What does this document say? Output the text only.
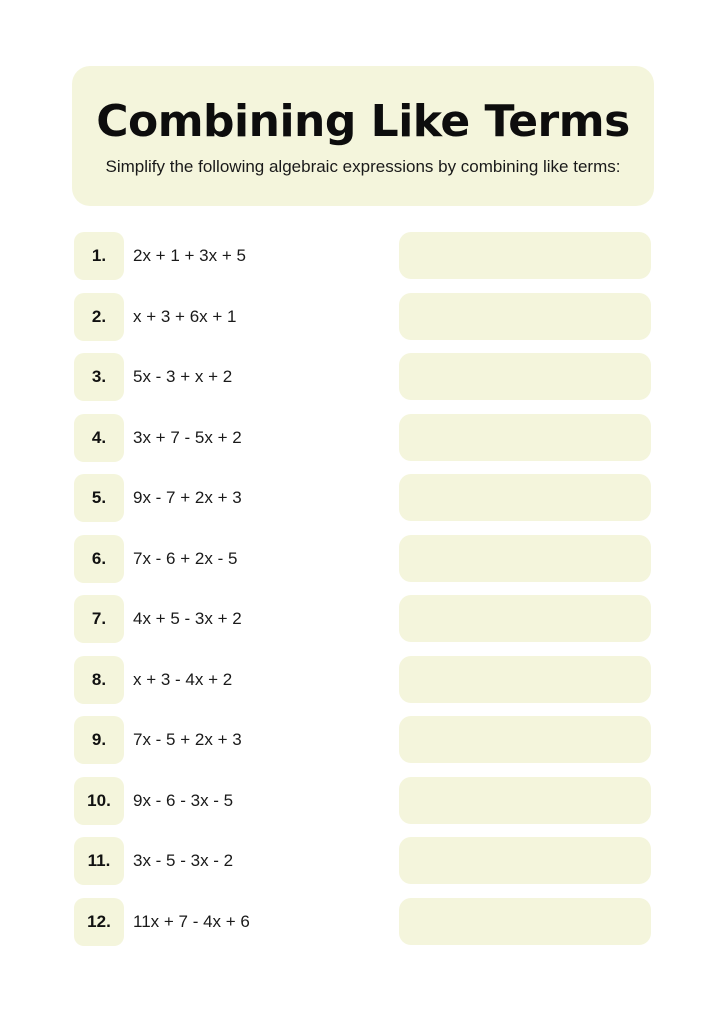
Combining Like Terms

Simplify the following algebraic expressions by combining like terms:

1.	2x + 1 + 3x + 5
2.	x + 3 + 6x + 1
3.	5x - 3 + x + 2
4.	3x + 7 - 5x + 2
5.	9x - 7 + 2x + 3
6.	7x - 6 + 2x - 5
7.	4x + 5 - 3x + 2
8.	x + 3 - 4x + 2
9.	7x - 5 + 2x + 3
10.	9x - 6 - 3x - 5
11.	3x - 5 - 3x - 2
12.	11x + 7 - 4x + 6
